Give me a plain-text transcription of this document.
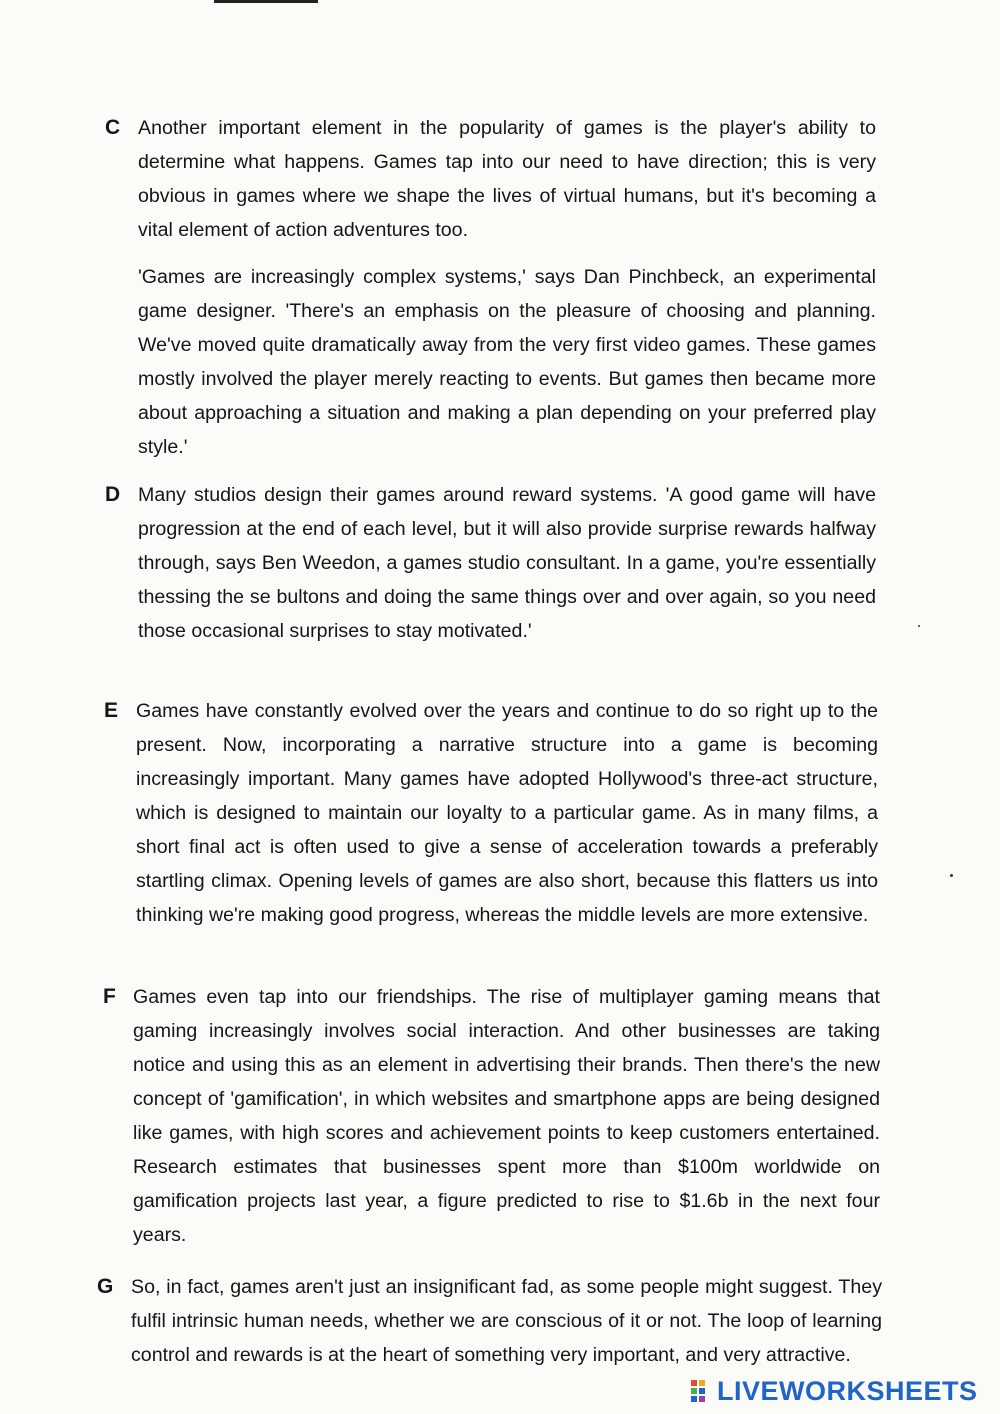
C Another important element in the popularity of games is the player's ability to determine what happens. Games tap into our need to have direction; this is very obvious in games where we shape the lives of virtual humans, but it's becoming a vital element of action adventures too.

'Games are increasingly complex systems,' says Dan Pinchbeck, an experimental game designer. 'There's an emphasis on the pleasure of choosing and planning. We've moved quite dramatically away from the very first video games. These games mostly involved the player merely reacting to events. But games then became more about approaching a situation and making a plan depending on your preferred play style.'

D Many studios design their games around reward systems. 'A good game will have progression at the end of each level, but it will also provide surprise rewards halfway through, says Ben Weedon, a games studio consultant. In a game, you're essentially thessing the se bultons and doing the same things over and over again, so you need those occasional surprises to stay motivated.'

E Games have constantly evolved over the years and continue to do so right up to the present. Now, incorporating a narrative structure into a game is becoming increasingly important. Many games have adopted Hollywood's three-act structure, which is designed to maintain our loyalty to a particular game. As in many films, a short final act is often used to give a sense of acceleration towards a preferably startling climax. Opening levels of games are also short, because this flatters us into thinking we're making good progress, whereas the middle levels are more extensive.

F Games even tap into our friendships. The rise of multiplayer gaming means that gaming increasingly involves social interaction. And other businesses are taking notice and using this as an element in advertising their brands. Then there's the new concept of 'gamification', in which websites and smartphone apps are being designed like games, with high scores and achievement points to keep customers entertained. Research estimates that businesses spent more than $100m worldwide on gamification projects last year, a figure predicted to rise to $1.6b in the next four years.

G So, in fact, games aren't just an insignificant fad, as some people might suggest. They fulfil intrinsic human needs, whether we are conscious of it or not. The loop of learning control and rewards is at the heart of something very important, and very attractive.

LIVEWORKSHEETS
